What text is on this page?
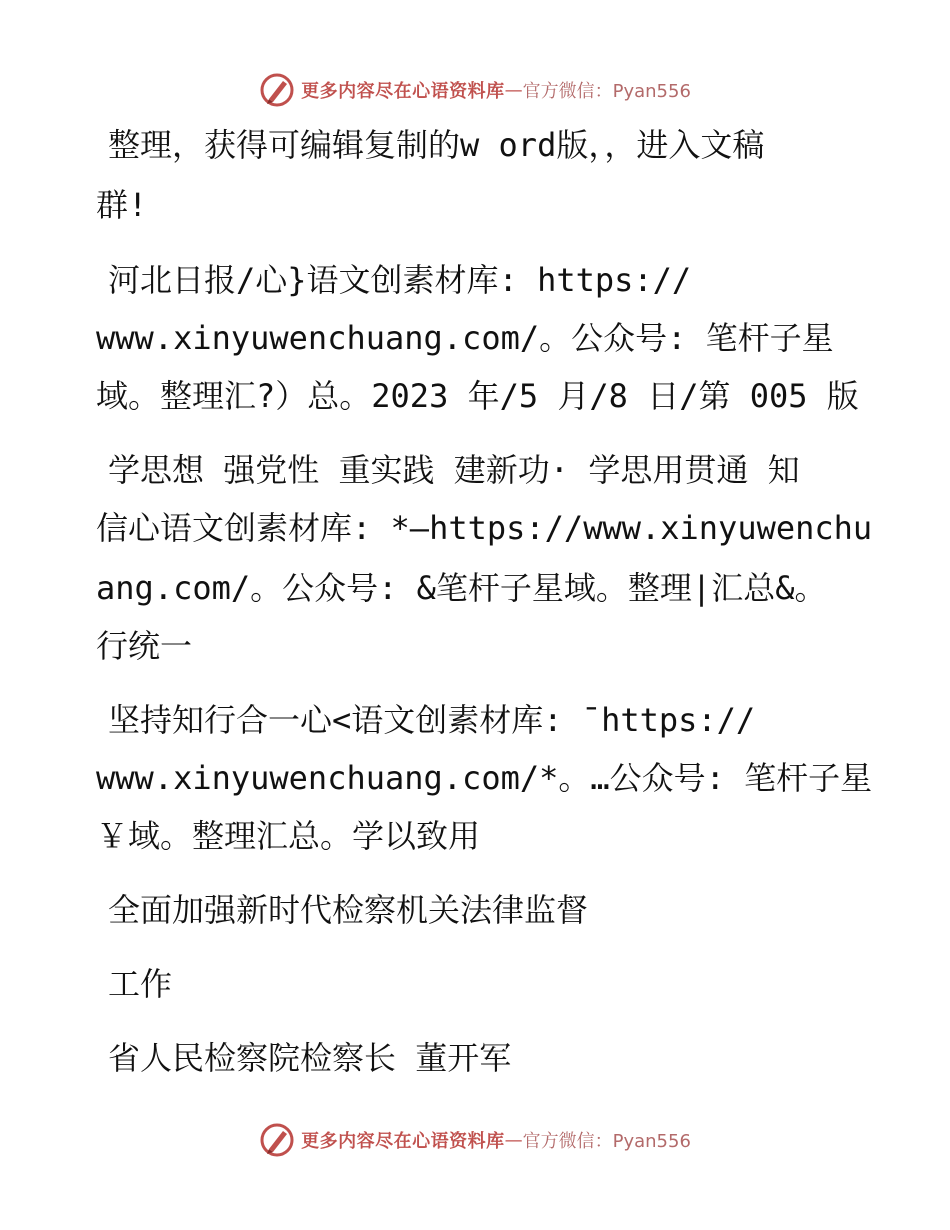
更多内容尽在心语资料库 — 官方微信：Pyan556
整理，获得可编辑复制的w ord版，，进入文稿
群!
河北日报/心}语文创素材库: https://
www.xinyuwenchuang.com/。公众号: 笔杆子星
域。整理汇?）总。2023 年/5 月/8 日/第 005 版
学思想 强党性 重实践 建新功· 学思用贯通 知
信心语文创素材库: *—https://www.xinyuwenchu
ang.com/。公众号: &笔杆子星域。整理|汇总&。
行统一
坚持知行合一心<语文创素材库: ¯https://
www.xinyuwenchuang.com/*。…公众号: 笔杆子星
￥域。整理汇总。学以致用
全面加强新时代检察机关法律监督
工作
省人民检察院检察长 董开军
更多内容尽在心语资料库 — 官方微信：Pyan556
